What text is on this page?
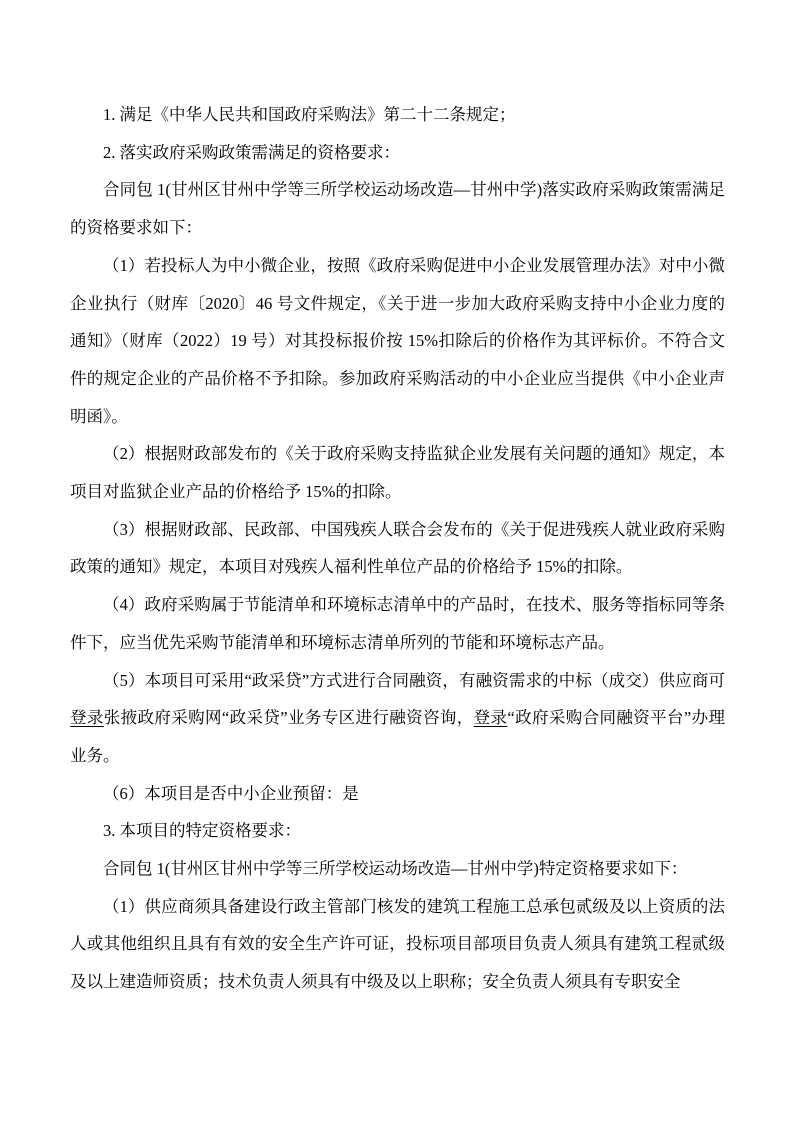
1. 满足《中华人民共和国政府采购法》第二十二条规定；

2. 落实政府采购政策需满足的资格要求：

合同包 1(甘州区甘州中学等三所学校运动场改造—甘州中学)落实政府采购政策需满足的资格要求如下：

（1）若投标人为中小微企业，按照《政府采购促进中小企业发展管理办法》对中小微企业执行（财库〔2020〕46 号文件规定，《关于进一步加大政府采购支持中小企业力度的通知》（财库（2022）19 号）对其投标报价按 15%扣除后的价格作为其评标价。不符合文件的规定企业的产品价格不予扣除。参加政府采购活动的中小企业应当提供《中小企业声明函》。

（2）根据财政部发布的《关于政府采购支持监狱企业发展有关问题的通知》规定，本项目对监狱企业产品的价格给予 15%的扣除。

（3）根据财政部、民政部、中国残疾人联合会发布的《关于促进残疾人就业政府采购政策的通知》规定，本项目对残疾人福利性单位产品的价格给予 15%的扣除。

（4）政府采购属于节能清单和环境标志清单中的产品时，在技术、服务等指标同等条件下，应当优先采购节能清单和环境标志清单所列的节能和环境标志产品。

（5）本项目可采用“政采贷”方式进行合同融资，有融资需求的中标（成交）供应商可登录张掖政府采购网“政采贷”业务专区进行融资咨询，登录“政府采购合同融资平台”办理业务。

（6）本项目是否中小企业预留：是

3. 本项目的特定资格要求：

合同包 1(甘州区甘州中学等三所学校运动场改造—甘州中学)特定资格要求如下：

（1）供应商须具备建设行政主管部门核发的建筑工程施工总承包贰级及以上资质的法人或其他组织且具有有效的安全生产许可证，投标项目部项目负责人须具有建筑工程贰级及以上建造师资质；技术负责人须具有中级及以上职称；安全负责人须具有专职安全
